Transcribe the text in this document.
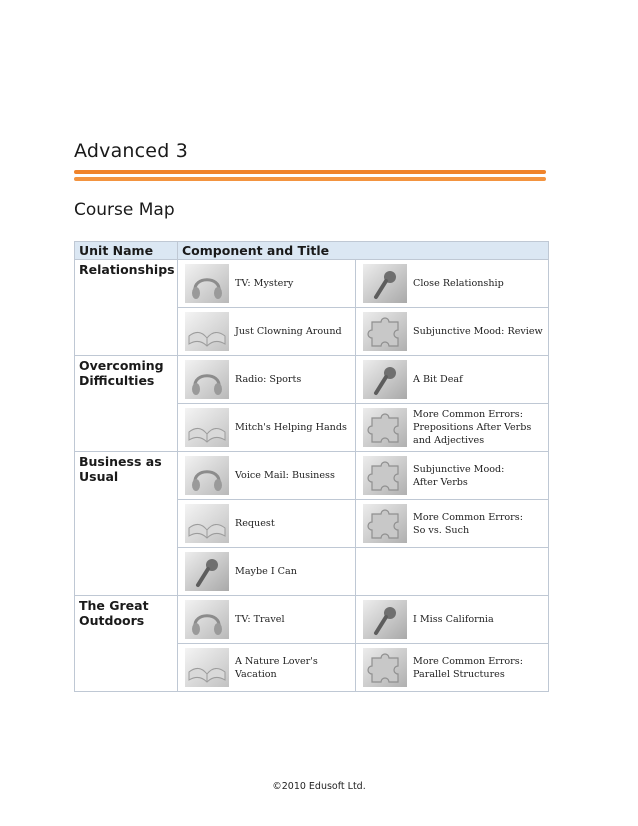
Advanced 3
Course Map
Unit Name	Component and Title	
Relationships	TV: Mystery	Close Relationship

Just Clowning Around	Subjunctive Mood: Review

Overcoming Difficulties	Radio: Sports	A Bit Deaf

Mitch's Helping Hands	More Common Errors:
Prepositions After Verbs and Adjectives

Business as Usual	Voice Mail: Business	Subjunctive Mood:
After Verbs

Request	More Common Errors:
So vs. Such

Maybe I Can	

The Great Outdoors	TV: Travel	I Miss California

A Nature Lover's
Vacation	More Common Errors:
Parallel Structures
©2010 Edusoft Ltd.
